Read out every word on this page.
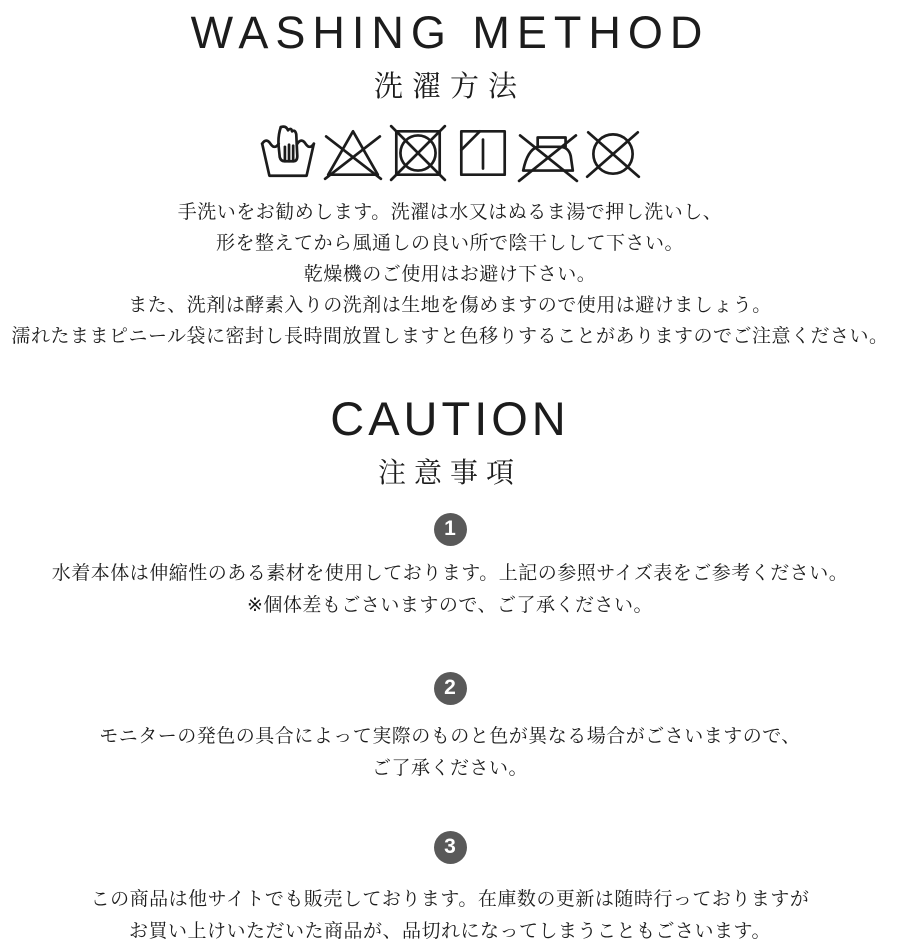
WASHING METHOD
洗濯方法
手洗いをお勧めします。洗濯は水又はぬるま湯で押し洗いし、
形を整えてから風通しの良い所で陰干しして下さい。
乾燥機のご使用はお避け下さい。
また、洗剤は酵素入りの洗剤は生地を傷めますので使用は避けましょう。
濡れたままピニール袋に密封し長時間放置しますと色移りすることがありますのでご注意ください。
CAUTION
注意事項
1
水着本体は伸縮性のある素材を使用しております。上記の参照サイズ表をご参考ください。
※個体差もごさいますので、ご了承ください。
2
モニターの発色の具合によって実際のものと色が異なる場合がごさいますので、
ご了承ください。
3
この商品は他サイトでも販売しております。在庫数の更新は随時行っておりますが
お買い上けいただいた商品が、品切れになってしまうこともごさいます。
